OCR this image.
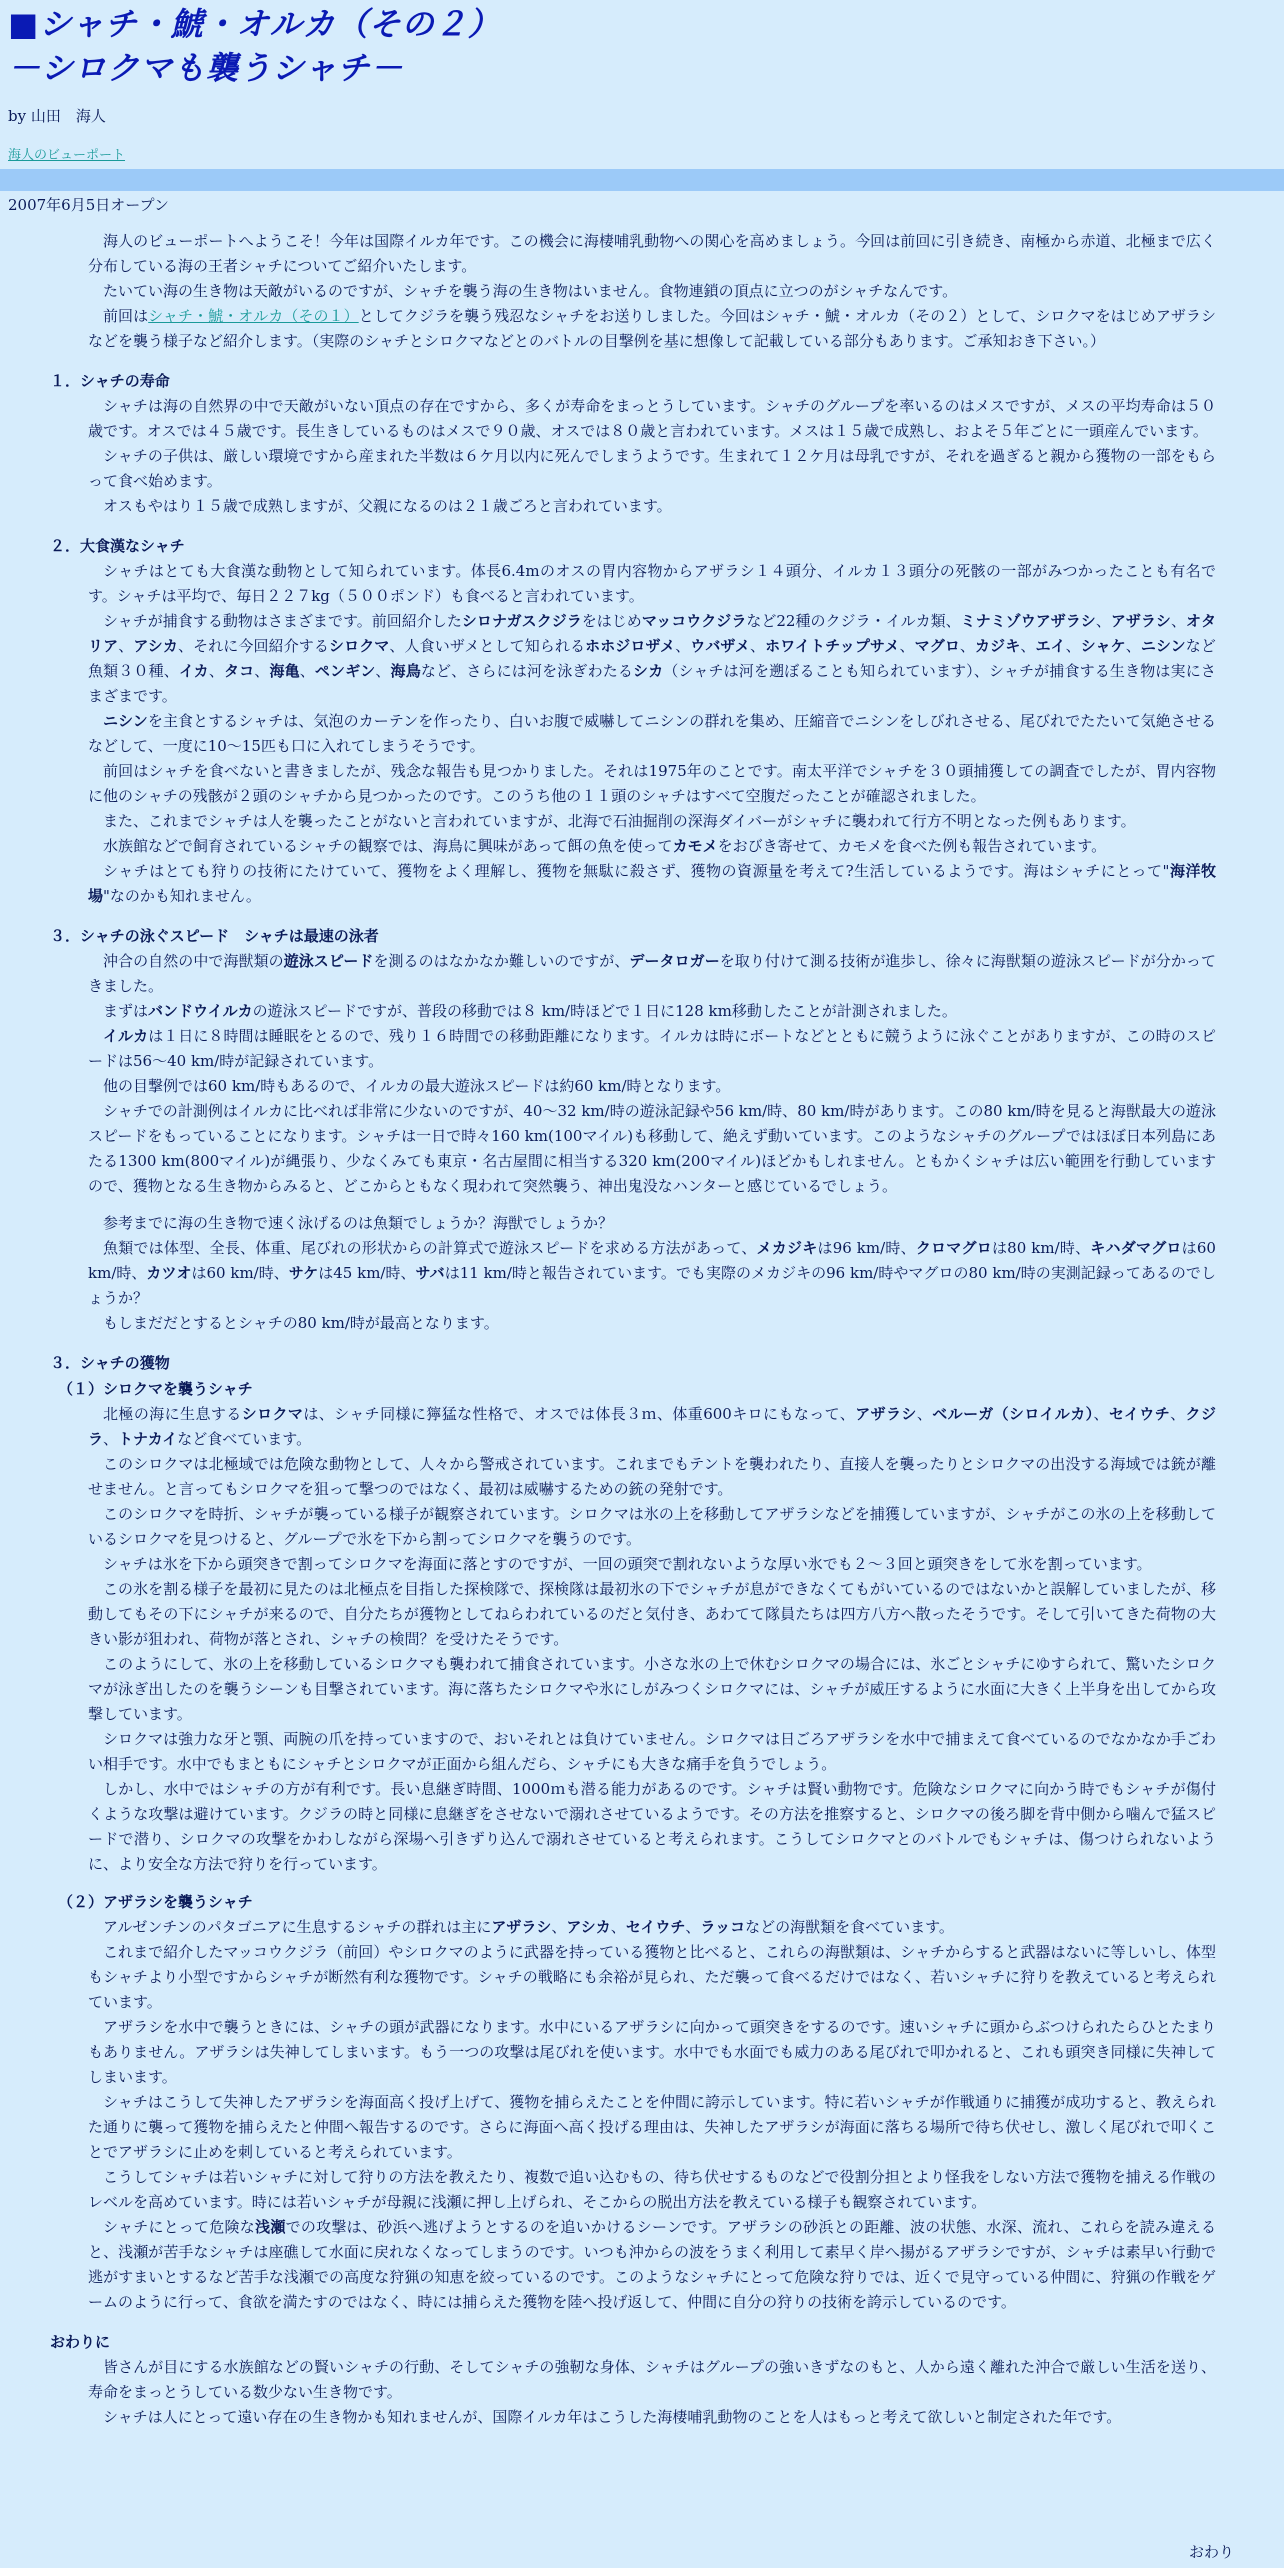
■シャチ・鯱・オルカ（その２）
－シロクマも襲うシャチ－
by 山田　海人
海人のビューポート
2007年6月5日オープン

海人のビューポートへようこそ！今年は国際イルカ年です。この機会に海棲哺乳動物への関心を高めましょう。今回は前回に引き続き、南極から赤道、北極まで広く分布している海の王者シャチについてご紹介いたします。

たいてい海の生き物は天敵がいるのですが、シャチを襲う海の生き物はいません。食物連鎖の頂点に立つのがシャチなんです。

前回はシャチ・鯱・オルカ（その１）としてクジラを襲う残忍なシャチをお送りしました。今回はシャチ・鯱・オルカ（その２）として、シロクマをはじめアザラシなどを襲う様子など紹介します。（実際のシャチとシロクマなどとのバトルの目撃例を基に想像して記載している部分もあります。ご承知おき下さい。）

１．シャチの寿命

シャチは海の自然界の中で天敵がいない頂点の存在ですから、多くが寿命をまっとうしています。シャチのグループを率いるのはメスですが、メスの平均寿命は５０歳です。オスでは４５歳です。長生きしているものはメスで９０歳、オスでは８０歳と言われています。メスは１５歳で成熟し、およそ５年ごとに一頭産んでいます。

シャチの子供は、厳しい環境ですから産まれた半数は６ケ月以内に死んでしまうようです。生まれて１２ケ月は母乳ですが、それを過ぎると親から獲物の一部をもらって食べ始めます。

オスもやはり１５歳で成熟しますが、父親になるのは２１歳ごろと言われています。

２．大食漢なシャチ

シャチはとても大食漢な動物として知られています。体長6.4mのオスの胃内容物からアザラシ１４頭分、イルカ１３頭分の死骸の一部がみつかったことも有名です。シャチは平均で、毎日２２７kg（５００ポンド）も食べると言われています。

シャチが捕食する動物はさまざまです。前回紹介したシロナガスクジラをはじめマッコウクジラなど22種のクジラ・イルカ類、ミナミゾウアザラシ、アザラシ、オタリア、アシカ、それに今回紹介するシロクマ、人食いザメとして知られるホホジロザメ、ウバザメ、ホワイトチップサメ、マグロ、カジキ、エイ、シャケ、ニシンなど魚類３０種、イカ、タコ、海亀、ペンギン、海鳥など、さらには河を泳ぎわたるシカ（シャチは河を遡ぼることも知られています）、シャチが捕食する生き物は実にさまざまです。

ニシンを主食とするシャチは、気泡のカーテンを作ったり、白いお腹で威嚇してニシンの群れを集め、圧縮音でニシンをしびれさせる、尾びれでたたいて気絶させるなどして、一度に10～15匹も口に入れてしまうそうです。

前回はシャチを食べないと書きましたが、残念な報告も見つかりました。それは1975年のことです。南太平洋でシャチを３０頭捕獲しての調査でしたが、胃内容物に他のシャチの残骸が２頭のシャチから見つかったのです。このうち他の１１頭のシャチはすべて空腹だったことが確認されました。

また、これまでシャチは人を襲ったことがないと言われていますが、北海で石油掘削の深海ダイバーがシャチに襲われて行方不明となった例もあります。

水族館などで飼育されているシャチの観察では、海鳥に興味があって餌の魚を使ってカモメをおびき寄せて、カモメを食べた例も報告されています。

シャチはとても狩りの技術にたけていて、獲物をよく理解し、獲物を無駄に殺さず、獲物の資源量を考えて?生活しているようです。海はシャチにとって"海洋牧場"なのかも知れません。

３．シャチの泳ぐスピード　シャチは最速の泳者

沖合の自然の中で海獣類の遊泳スピードを測るのはなかなか難しいのですが、データロガーを取り付けて測る技術が進歩し、徐々に海獣類の遊泳スピードが分かってきました。

まずはバンドウイルカの遊泳スピードですが、普段の移動では８ km/時ほどで１日に128 km移動したことが計測されました。

イルカは１日に８時間は睡眠をとるので、残り１６時間での移動距離になります。イルカは時にボートなどとともに競うように泳ぐことがありますが、この時のスピードは56～40 km/時が記録されています。

他の目撃例では60 km/時もあるので、イルカの最大遊泳スピードは約60 km/時となります。

シャチでの計測例はイルカに比べれば非常に少ないのですが、40～32 km/時の遊泳記録や56 km/時、80 km/時があります。この80 km/時を見ると海獣最大の遊泳スピードをもっていることになります。シャチは一日で時々160 km(100マイル)も移動して、絶えず動いています。このようなシャチのグループではほぼ日本列島にあたる1300 km(800マイル)が縄張り、少なくみても東京・名古屋間に相当する320 km(200マイル)ほどかもしれません。ともかくシャチは広い範囲を行動していますので、獲物となる生き物からみると、どこからともなく現われて突然襲う、神出鬼没なハンターと感じているでしょう。

参考までに海の生き物で速く泳げるのは魚類でしょうか？海獣でしょうか？

魚類では体型、全長、体重、尾びれの形状からの計算式で遊泳スピードを求める方法があって、メカジキは96 km/時、クロマグロは80 km/時、キハダマグロは60 km/時、カツオは60 km/時、サケは45 km/時、サバは11 km/時と報告されています。でも実際のメカジキの96 km/時やマグロの80 km/時の実測記録ってあるのでしょうか？

もしまだだとするとシャチの80 km/時が最高となります。

３．シャチの獲物
（１）シロクマを襲うシャチ

北極の海に生息するシロクマは、シャチ同様に獰猛な性格で、オスでは体長３ｍ、体重600キロにもなって、アザラシ、ベルーガ（シロイルカ）、セイウチ、クジラ、トナカイなど食べています。

このシロクマは北極域では危険な動物として、人々から警戒されています。これまでもテントを襲われたり、直接人を襲ったりとシロクマの出没する海域では銃が離せません。と言ってもシロクマを狙って撃つのではなく、最初は威嚇するための銃の発射です。

このシロクマを時折、シャチが襲っている様子が観察されています。シロクマは氷の上を移動してアザラシなどを捕獲していますが、シャチがこの氷の上を移動しているシロクマを見つけると、グループで氷を下から割ってシロクマを襲うのです。

シャチは氷を下から頭突きで割ってシロクマを海面に落とすのですが、一回の頭突で割れないような厚い氷でも２～３回と頭突きをして氷を割っています。

この氷を割る様子を最初に見たのは北極点を目指した探検隊で、探検隊は最初氷の下でシャチが息ができなくてもがいているのではないかと誤解していましたが、移動してもその下にシャチが来るので、自分たちが獲物としてねらわれているのだと気付き、あわてて隊員たちは四方八方へ散ったそうです。そして引いてきた荷物の大きい影が狙われ、荷物が落とされ、シャチの検問？を受けたそうです。

このようにして、氷の上を移動しているシロクマも襲われて捕食されています。小さな氷の上で休むシロクマの場合には、氷ごとシャチにゆすられて、驚いたシロクマが泳ぎ出したのを襲うシーンも目撃されています。海に落ちたシロクマや氷にしがみつくシロクマには、シャチが威圧するように水面に大きく上半身を出してから攻撃しています。

シロクマは強力な牙と顎、両腕の爪を持っていますので、おいそれとは負けていません。シロクマは日ごろアザラシを水中で捕まえて食べているのでなかなか手ごわい相手です。水中でもまともにシャチとシロクマが正面から組んだら、シャチにも大きな痛手を負うでしょう。

しかし、水中ではシャチの方が有利です。長い息継ぎ時間、1000ｍも潜る能力があるのです。シャチは賢い動物です。危険なシロクマに向かう時でもシャチが傷付くような攻撃は避けています。クジラの時と同様に息継ぎをさせないで溺れさせているようです。その方法を推察すると、シロクマの後ろ脚を背中側から噛んで猛スピードで潜り、シロクマの攻撃をかわしながら深場へ引きずり込んで溺れさせていると考えられます。こうしてシロクマとのバトルでもシャチは、傷つけられないように、より安全な方法で狩りを行っています。

（２）アザラシを襲うシャチ

アルゼンチンのパタゴニアに生息するシャチの群れは主にアザラシ、アシカ、セイウチ、ラッコなどの海獣類を食べています。

これまで紹介したマッコウクジラ（前回）やシロクマのように武器を持っている獲物と比べると、これらの海獣類は、シャチからすると武器はないに等しいし、体型もシャチより小型ですからシャチが断然有利な獲物です。シャチの戦略にも余裕が見られ、ただ襲って食べるだけではなく、若いシャチに狩りを教えていると考えられています。

アザラシを水中で襲うときには、シャチの頭が武器になります。水中にいるアザラシに向かって頭突きをするのです。速いシャチに頭からぶつけられたらひとたまりもありません。アザラシは失神してしまいます。もう一つの攻撃は尾びれを使います。水中でも水面でも威力のある尾びれで叩かれると、これも頭突き同様に失神してしまいます。

シャチはこうして失神したアザラシを海面高く投げ上げて、獲物を捕らえたことを仲間に誇示しています。特に若いシャチが作戦通りに捕獲が成功すると、教えられた通りに襲って獲物を捕らえたと仲間へ報告するのです。さらに海面へ高く投げる理由は、失神したアザラシが海面に落ちる場所で待ち伏せし、激しく尾びれで叩くことでアザラシに止めを刺していると考えられています。

こうしてシャチは若いシャチに対して狩りの方法を教えたり、複数で追い込むもの、待ち伏せするものなどで役割分担とより怪我をしない方法で獲物を捕える作戦のレベルを高めています。時には若いシャチが母親に浅瀬に押し上げられ、そこからの脱出方法を教えている様子も観察されています。

シャチにとって危険な浅瀬での攻撃は、砂浜へ逃げようとするのを追いかけるシーンです。アザラシの砂浜との距離、波の状態、水深、流れ、これらを読み違えると、浅瀬が苦手なシャチは座礁して水面に戻れなくなってしまうのです。いつも沖からの波をうまく利用して素早く岸へ揚がるアザラシですが、シャチは素早い行動で逃がすまいとするなど苦手な浅瀬での高度な狩猟の知恵を絞っているのです。このようなシャチにとって危険な狩りでは、近くで見守っている仲間に、狩猟の作戦をゲームのように行って、食欲を満たすのではなく、時には捕らえた獲物を陸へ投げ返して、仲間に自分の狩りの技術を誇示しているのです。

おわりに

皆さんが目にする水族館などの賢いシャチの行動、そしてシャチの強靭な身体、シャチはグループの強いきずなのもと、人から遠く離れた沖合で厳しい生活を送り、寿命をまっとうしている数少ない生き物です。

シャチは人にとって遠い存在の生き物かも知れませんが、国際イルカ年はこうした海棲哺乳動物のことを人はもっと考えて欲しいと制定された年です。

おわり
